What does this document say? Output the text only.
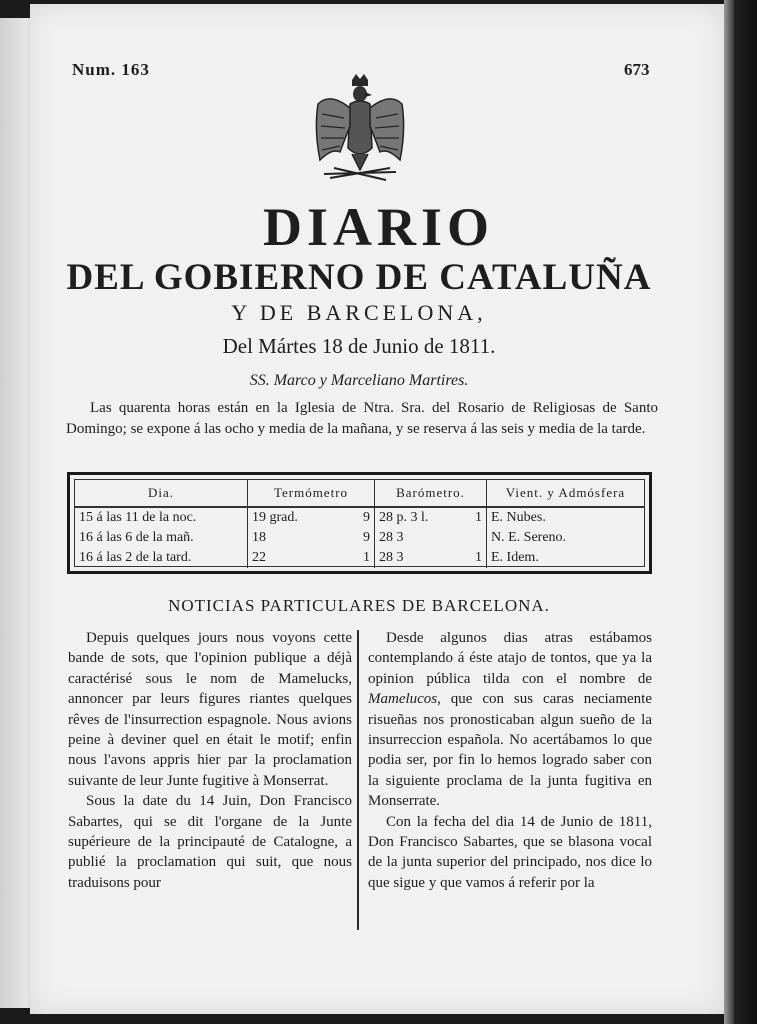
Num. 163	673
DIARIO
DEL GOBIERNO DE CATALUÑA
Y DE BARCELONA,
Del Mártes 18 de Junio de 1811.
SS. Marco y Marceliano Martires.
Las quarenta horas están en la Iglesia de Ntra. Sra. del Rosario de Religiosas de Santo Domingo; se expone á las ocho y media de la mañana, y se reserva á las seis y media de la tarde.
Dia.	Termómetro	Barómetro.	Vient. y Admósfera
15 á las 11 de la noc.	19 grad. 9	28 p. 3 l. 1	E. Nubes.
16 á las 6 de la mañ.	18 9	28 3	N. E. Sereno.
16 á las 2 de la tard.	22 1	28 3 1	E. Idem.
NOTICIAS PARTICULARES DE BARCELONA.

Depuis quelques jours nous voyons cette bande de sots, que l'opinion publique a déjà caractérisé sous le nom de Mamelucks, annoncer par leurs figures riantes quelques rêves de l'insurrection espagnole. Nous avions peine à deviner quel en était le motif; enfin nous l'avons appris hier par la proclamation suivante de leur Junte fugitive à Monserrat.

Sous la date du 14 Juin, Don Francisco Sabartes, qui se dit l'organe de la Junte supérieure de la principauté de Catalogne, a publié la proclamation qui suit, que nous traduisons pour

Desde algunos dias atras estábamos contemplando á éste atajo de tontos, que ya la opinion pública tilda con el nombre de Mamelucos, que con sus caras neciamente risueñas nos pronosticaban algun sueño de la insurreccion española. No acertábamos lo que podia ser, por fin lo hemos logrado saber con la siguiente proclama de la junta fugitiva en Monserrate.

Con la fecha del dia 14 de Junio de 1811, Don Francisco Sabartes, que se blasona vocal de la junta superior del principado, nos dice lo que sigue y que vamos á referir por la
